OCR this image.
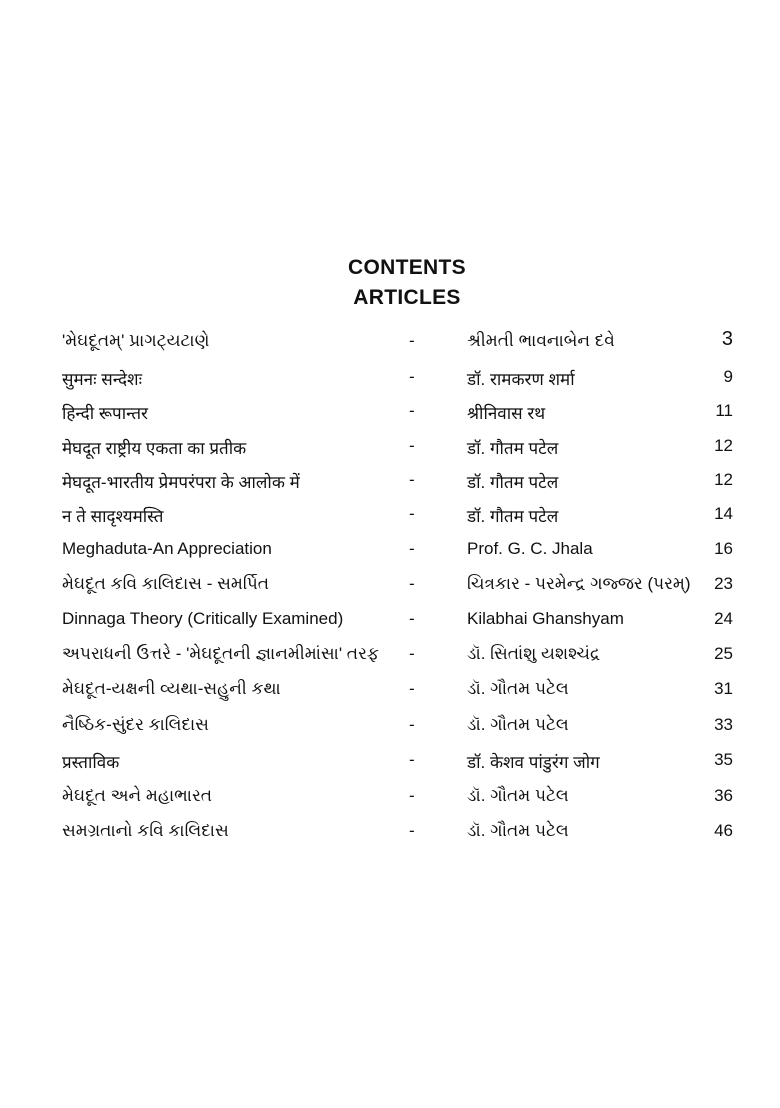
CONTENTS
ARTICLES
'મેઘદૂતમ્' પ્રાગટ્યટાણે	-	શ્રીમતી ભાવનાબેન દવે	3
सुमनः सन्देशः	-	डॉ. रामकरण शर्मा	9
हिन्दी रूपान्तर	-	श्रीनिवास रथ	11
मेघदूत राष्ट्रीय एकता का प्रतीक	-	डॉ. गौतम पटेल	12
मेघदूत-भारतीय प्रेमपरंपरा के आलोक में	-	डॉ. गौतम पटेल	12
न ते सादृश्यमस्ति	-	डॉ. गौतम पटेल	14
Meghaduta-An Appreciation	-	Prof. G. C. Jhala	16
મેઘદૂત કવિ કાલિદાસ - સમર્પિત	-	ચિત્રકાર - પરમેન્દ્ર ગજ્જર (પરમ્) 23
Dinnaga Theory (Critically Examined)	-	Kilabhai Ghanshyam	24
અપરાધની ઉત્તરે - 'મેઘદૂતની જ્ઞાનમીમાંસા' તરફ -	ડૉ. સિતાંશુ યશશ્ચંદ્ર	25
મેઘદૂત-યક્ષની વ્યથા-સહુની કથા	-	ડૉ. ગૌતમ પટેલ	31
નૈષ્ઠિક-સુંદર કાલિદાસ	-	ડૉ. ગૌતમ પટેલ	33
प्रस्ताविक	-	डॉ. केशव पांडुरंग जोग	35
મેઘદૂત અને મહાભારત	-	ડૉ. ગૌતમ પટેલ	36
સમગ્રતાનો કવિ કાલિદાસ	-	ડૉ. ગૌતમ પટેલ	46
